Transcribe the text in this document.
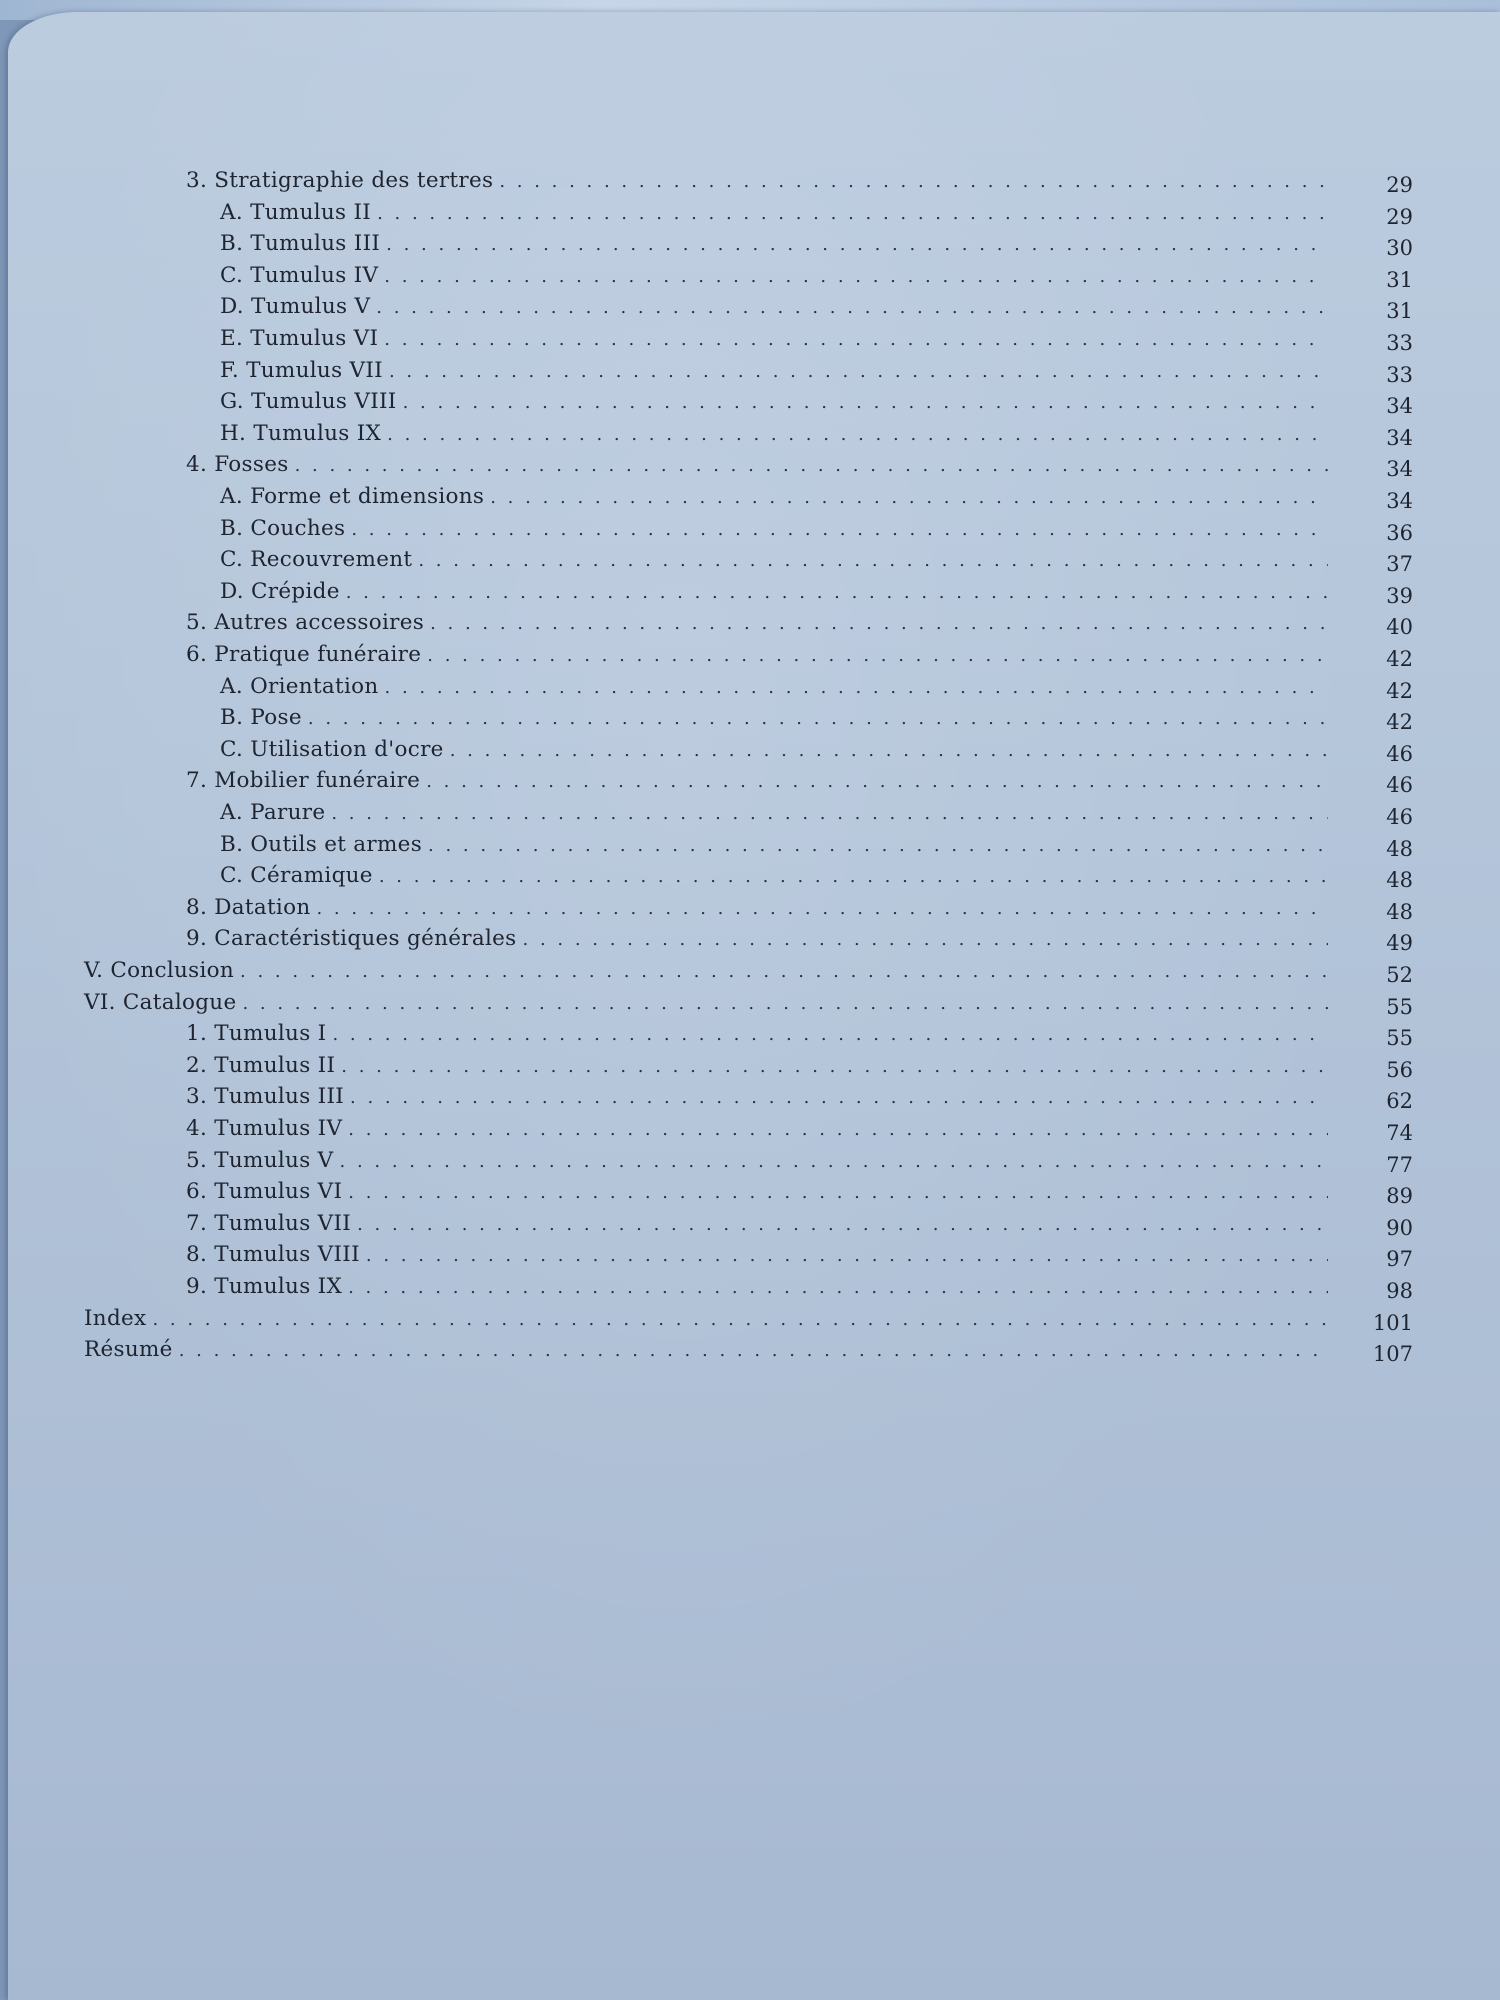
3. Stratigraphie des tertres . . .	29
A. Tumulus II . . .	29
B. Tumulus III . . .	30
C. Tumulus IV . . .	31
D. Tumulus V . . .	31
E. Tumulus VI . . .	33
F. Tumulus VII . . .	33
G. Tumulus VIII . . .	34
H. Tumulus IX . . .	34
4. Fosses . . .	34
A. Forme et dimensions . . .	34
B. Couches . . .	36
C. Recouvrement . . .	37
D. Crépide . . .	39
5. Autres accessoires . . .	40
6. Pratique funéraire . . .	42
A. Orientation . . .	42
B. Pose . . .	42
C. Utilisation d'ocre . . .	46
7. Mobilier funéraire . . .	46
A. Parure . . .	46
B. Outils et armes . . .	48
C. Céramique . . .	48
8. Datation . . .	48
9. Caractéristiques générales . . .	49
V. Conclusion . . .	52
VI. Catalogue . . .	55
1. Tumulus I . . .	55
2. Tumulus II . . .	56
3. Tumulus III . . .	62
4. Tumulus IV . . .	74
5. Tumulus V . . .	77
6. Tumulus VI . . .	89
7. Tumulus VII . . .	90
8. Tumulus VIII . . .	97
9. Tumulus IX . . .	98
Index . . .	101
Résumé . . .	107
